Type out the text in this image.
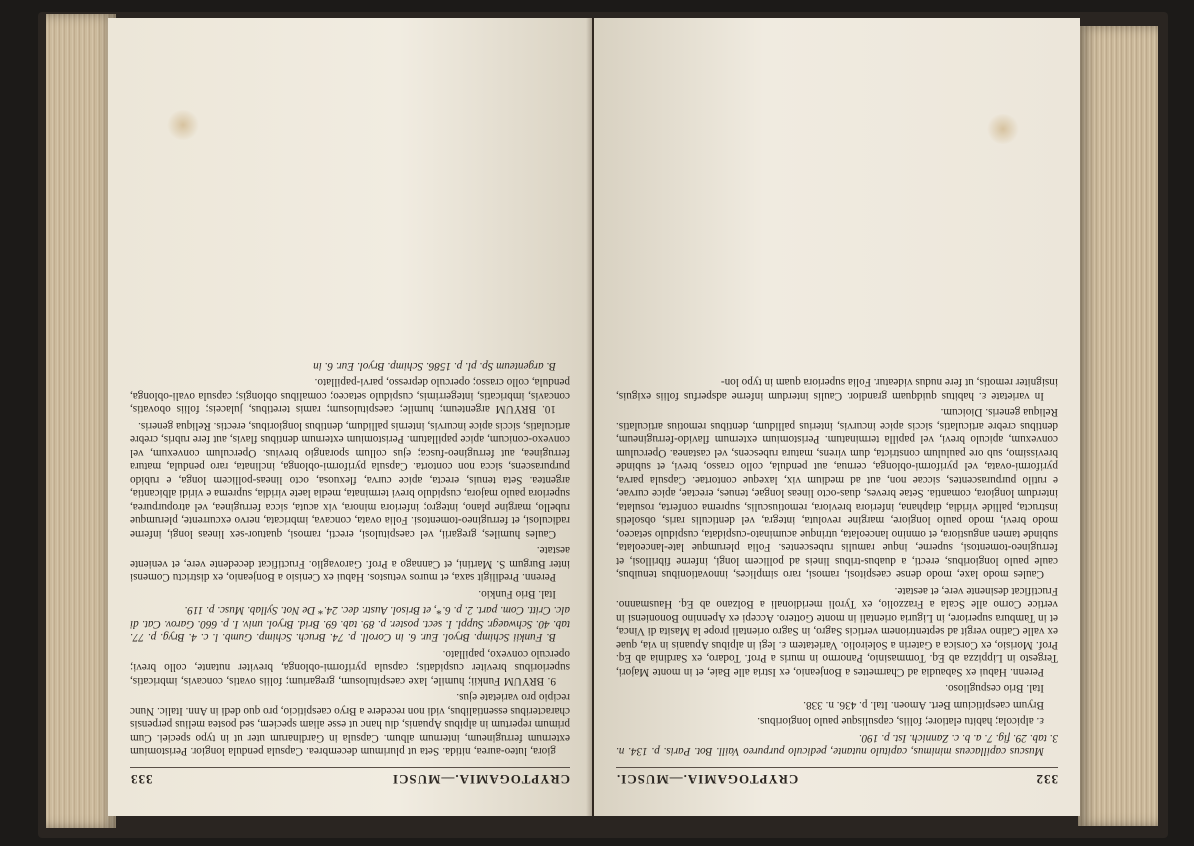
CRYPTOGAMIA.—MUSCI
333

giora, luteo-aurea, nitida. Seta ut plurimum decembrea. Capsula pendula longior. Peristomium externum ferrugineum, internum album. Capsula in Gardinarum uter ut in typo speciei. Cum primum repertum in alpibus Apuanis, diu hanc ut esse aliam speciem, sed postea melius perpensis characteribus essentialibus, vidi non recedere a Bryo caespiticio, pro quo dedi in Ann. Italic. Nunc recipio pro varietate ejus.

9. BRYUM Funkii; humile, laxe caespitulosum, gregarium; foliis ovatis, concavis, imbricatis, superioribus breviter cuspidatis; capsula pyriformi-oblonga, breviter nutante, collo brevi; operculo convexo, papillato.

B. Funkii Schimp. Bryol. Eur. 6. in Coroll. p. 74. Bruch. Schimp. Gumb. l. c. 4. Bryg. p. 77. tab. 40. Schwaegr. Suppl. I. sect. poster. p. 89. tab. 69. Brid. Bryol. univ. I. p. 660. Garov. Cat. di alc. Critt. Com. part. 2. p. 6.*, et Brisol. Austr. dec. 24.* De Not. Syllab. Musc. p. 119.

Ital. Brio Funkio.

Perenn. Prediligit saxa, et muros vetustos. Habui ex Cenisio a Bonjeanio, ex districtu Comensi inter Burgum S. Martini, et Cannago a Prof. Garovaglio. Fructificat decedente vere, et veniente aestate.

Caules humiles, gregarii, vel caespitulosi, erecti, ramosi, quatuor-sex lineas longi, inferne radiculosi, et ferrugineo-tomentosi. Folia ovata, concava, imbricata, nervo excurrente, plerumque rubello, margine plano, integro; inferiora minora, vix acuta, sicca ferruginea, vel atropurpurea, superiora paulo majora, cuspidulo brevi terminata, media laete viridia, suprema e viridi albicantia, argentea. Seta tenuis, erecta, apice curva, flexuosa, octo lineas-pollicem longa, e rubido purpurascens, sicca non contorta. Capsula pyriformi-oblonga, inclinata, raro pendula, matura ferruginea, aut ferrugineo-fusca; ejus collum sporangio brevius. Operculum convexum, vel convexo-conicum, apice papillatum. Peristomium externum dentibus flavis, aut fere rubris, crebre articulatis, siccis apice incurvis, internis pallidum, dentibus longioribus, erectis. Reliqua generis.

10. BRYUM argenteum; humile; caespitulosum; ramis teretibus, julaceis; foliis obovatis, concavis, imbricatis, integerrimis, cuspidulo setaceo; comalibus oblongis; capsula ovali-oblonga, pendula, collo crasso; operculo depresso, parvi-papillato.

B. argenteum Sp. pl. p. 1586. Schimp. Bryol. Eur. 6. in

332
CRYPTOGAMIA.—MUSCI.

Muscus capillaceus minimus, capitulo nutante, pediculo purpureo Vaill. Bot. Paris. p. 134. n. 3. tab. 29. fig. 7. a. b. c. Zannich. Ist. p. 190.

ε. alpicola; habitu elatiore; foliis, capsulisque paulo longioribus.

Bryum caespiticium Bert. Amoen. Ital. p. 436. n. 338.

Ital. Brio cespuglioso.

Perenn. Habui ex Sabaudia ad Charmettes a Bonjeanio, ex Istria alle Baie, et in monte Majori, Tergesto in Lippizza ab Eq. Tommasinio, Panormo in muris a Prof. Todaro, ex Sardinia ab Eq. Prof. Morisio, ex Corsica a Gaterin a Soleirolio. Varietatem ε. legi in alpibus Apuanis in via, quae ex valle Catino vergit ad septentrionem verticis Sagro, in Sagro orientali prope la Masita di Vinca, et in Tambura superiore, in Liguria orientali in monte Gottero. Accepi ex Apennino Bononiensi in vertice Corno alle Scala a Frazzolio, ex Tyroli meridionali a Bolzano ab Eq. Hausmanno. Fructificat desinente vere, et aestate.

Caules modo laxe, modo dense caespitosi, ramosi, raro simplices, innovationibus tenuibus, caule paulo longioribus, erecti, a duabus-tribus lineis ad pollicem longi, inferne fibrillosi, et ferrugineo-tomentosi, superne, inque ramulis rubescentes. Folia plerumque late-lanceolata, subinde tamen angustiora, et omnino lanceolata, utrinque acuminato-cuspidata, cuspidulo setaceo, modo brevi, modo paulo longiore, margine revoluta, integra, vel denticulis raris, obsoletis instructa, pallide viridia, diaphana, inferiora breviora, remotiusculis, suprema conferta, rosulata, interdum longiora, comantia. Setae breves, duas-octo lineas longae, tenues, erectae, apice curvae, e rutilo purpurascentes, siccae non, aut ad medium vix, laxeque contortae. Capsula parva, pyriformi-ovata, vel pyriformi-oblonga, cernua, aut pendula, collo crasso, brevi, et subinde brevissimo, sub ore paululum constricta, dum virens, matura rubescens, vel castanea. Operculum convexum, apiculo brevi, vel papilla terminatum. Peristomium externum flavido-ferrugineum, dentibus crebre articulatis, siccis apice incurvis, interius pallidum, dentibus remotius articulatis. Reliqua generis. Dioicum.

In varietate ε. habitus quidquam grandior. Caulis interdum inferne adsperfus foliis exiguis, insigniter remotis, ut fere nudus videatur. Folia superiora quam in typo lon-
